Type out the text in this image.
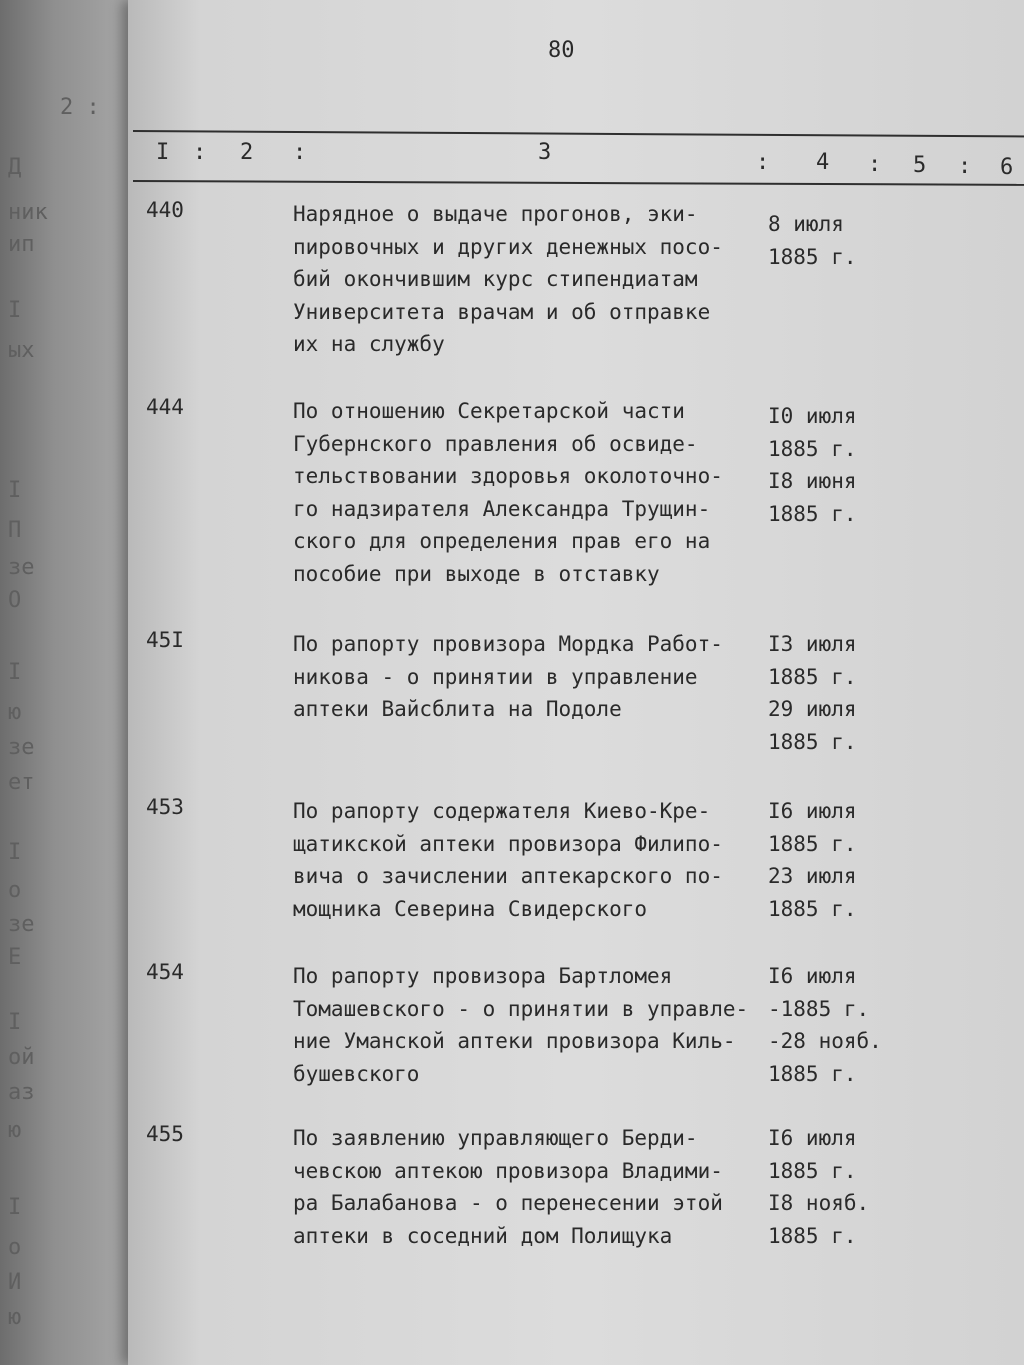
2 :
Д
ник
ип
I
ых
I
П
зе
О
I
ю
зе
ет
I
о
зе
Е
I
ой
аз
ю
I
о
И
ю
80
I : 2 :	3	: 4 : 5 : 6
440	Нарядное о выдаче прогонов, эки-
пировочных и других денежных посо-
бий окончившим курс стипендиатам
Университета врачам и об отправке
их на службу
8 июля
1885 г.
444	По отношению Секретарской части
Губернского правления об освиде-
тельствовании здоровья околоточно-
го надзирателя Александра Трущин-
ского для определения прав его на
пособие при выходе в отставку
I0 июля
1885 г.
I8 июня
1885 г.
45I	По рапорту провизора Мордка Работ-
никова - о принятии в управление
аптеки Вайсблита на Подоле
I3 июля
1885 г.
29 июля
1885 г.
453	По рапорту содержателя Киево-Кре-
щатикской аптеки провизора Филипо-
вича о зачислении аптекарского по-
мощника Северина Свидерского
I6 июля
1885 г.
23 июля
1885 г.
454	По рапорту провизора Бартломея
Томашевского - о принятии в управле-
ние Уманской аптеки провизора Киль-
бушевского
I6 июля
-1885 г.
-28 нояб.
1885 г.
455	По заявлению управляющего Берди-
чевскою аптекою провизора Владими-
ра Балабанова - о перенесении этой
аптеки в соседний дом Полищука
I6 июля
1885 г.
I8 нояб.
1885 г.
